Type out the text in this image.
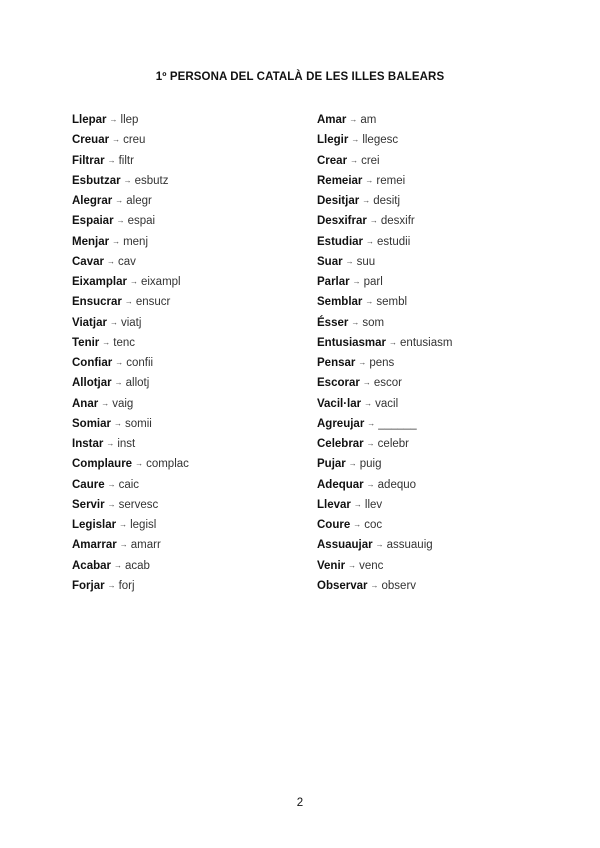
1º PERSONA DEL CATALÀ DE LES ILLES BALEARS
Llepar → llep
Creuar → creu
Filtrar → filtr
Esbutzar → esbutz
Alegrar → alegr
Espaiar → espai
Menjar → menj
Cavar → cav
Eixamplar → eixampl
Ensucrar → ensucr
Viatjar → viatj
Tenir → tenc
Confiar → confii
Allotjar → allotj
Anar → vaig
Somiar → somii
Instar → inst
Complaure → complac
Caure → caic
Servir → servesc
Legislar → legisl
Amarrar → amarr
Acabar → acab
Forjar → forj
Amar → am
Llegir → llegesc
Crear → crei
Remeiar → remei
Desitjar → desitj
Desxifrar → desxifr
Estudiar → estudii
Suar → suu
Parlar → parl
Semblar → sembl
Ésser → som
Entusiasmar → entusiasm
Pensar → pens
Escorar → escor
Vacil·lar → vacil
Agreujar → ______
Celebrar → celebr
Pujar → puig
Adequar → adequo
Llevar → llev
Coure → coc
Assuaujar → assuauig
Venir → venc
Observar → observ
2
